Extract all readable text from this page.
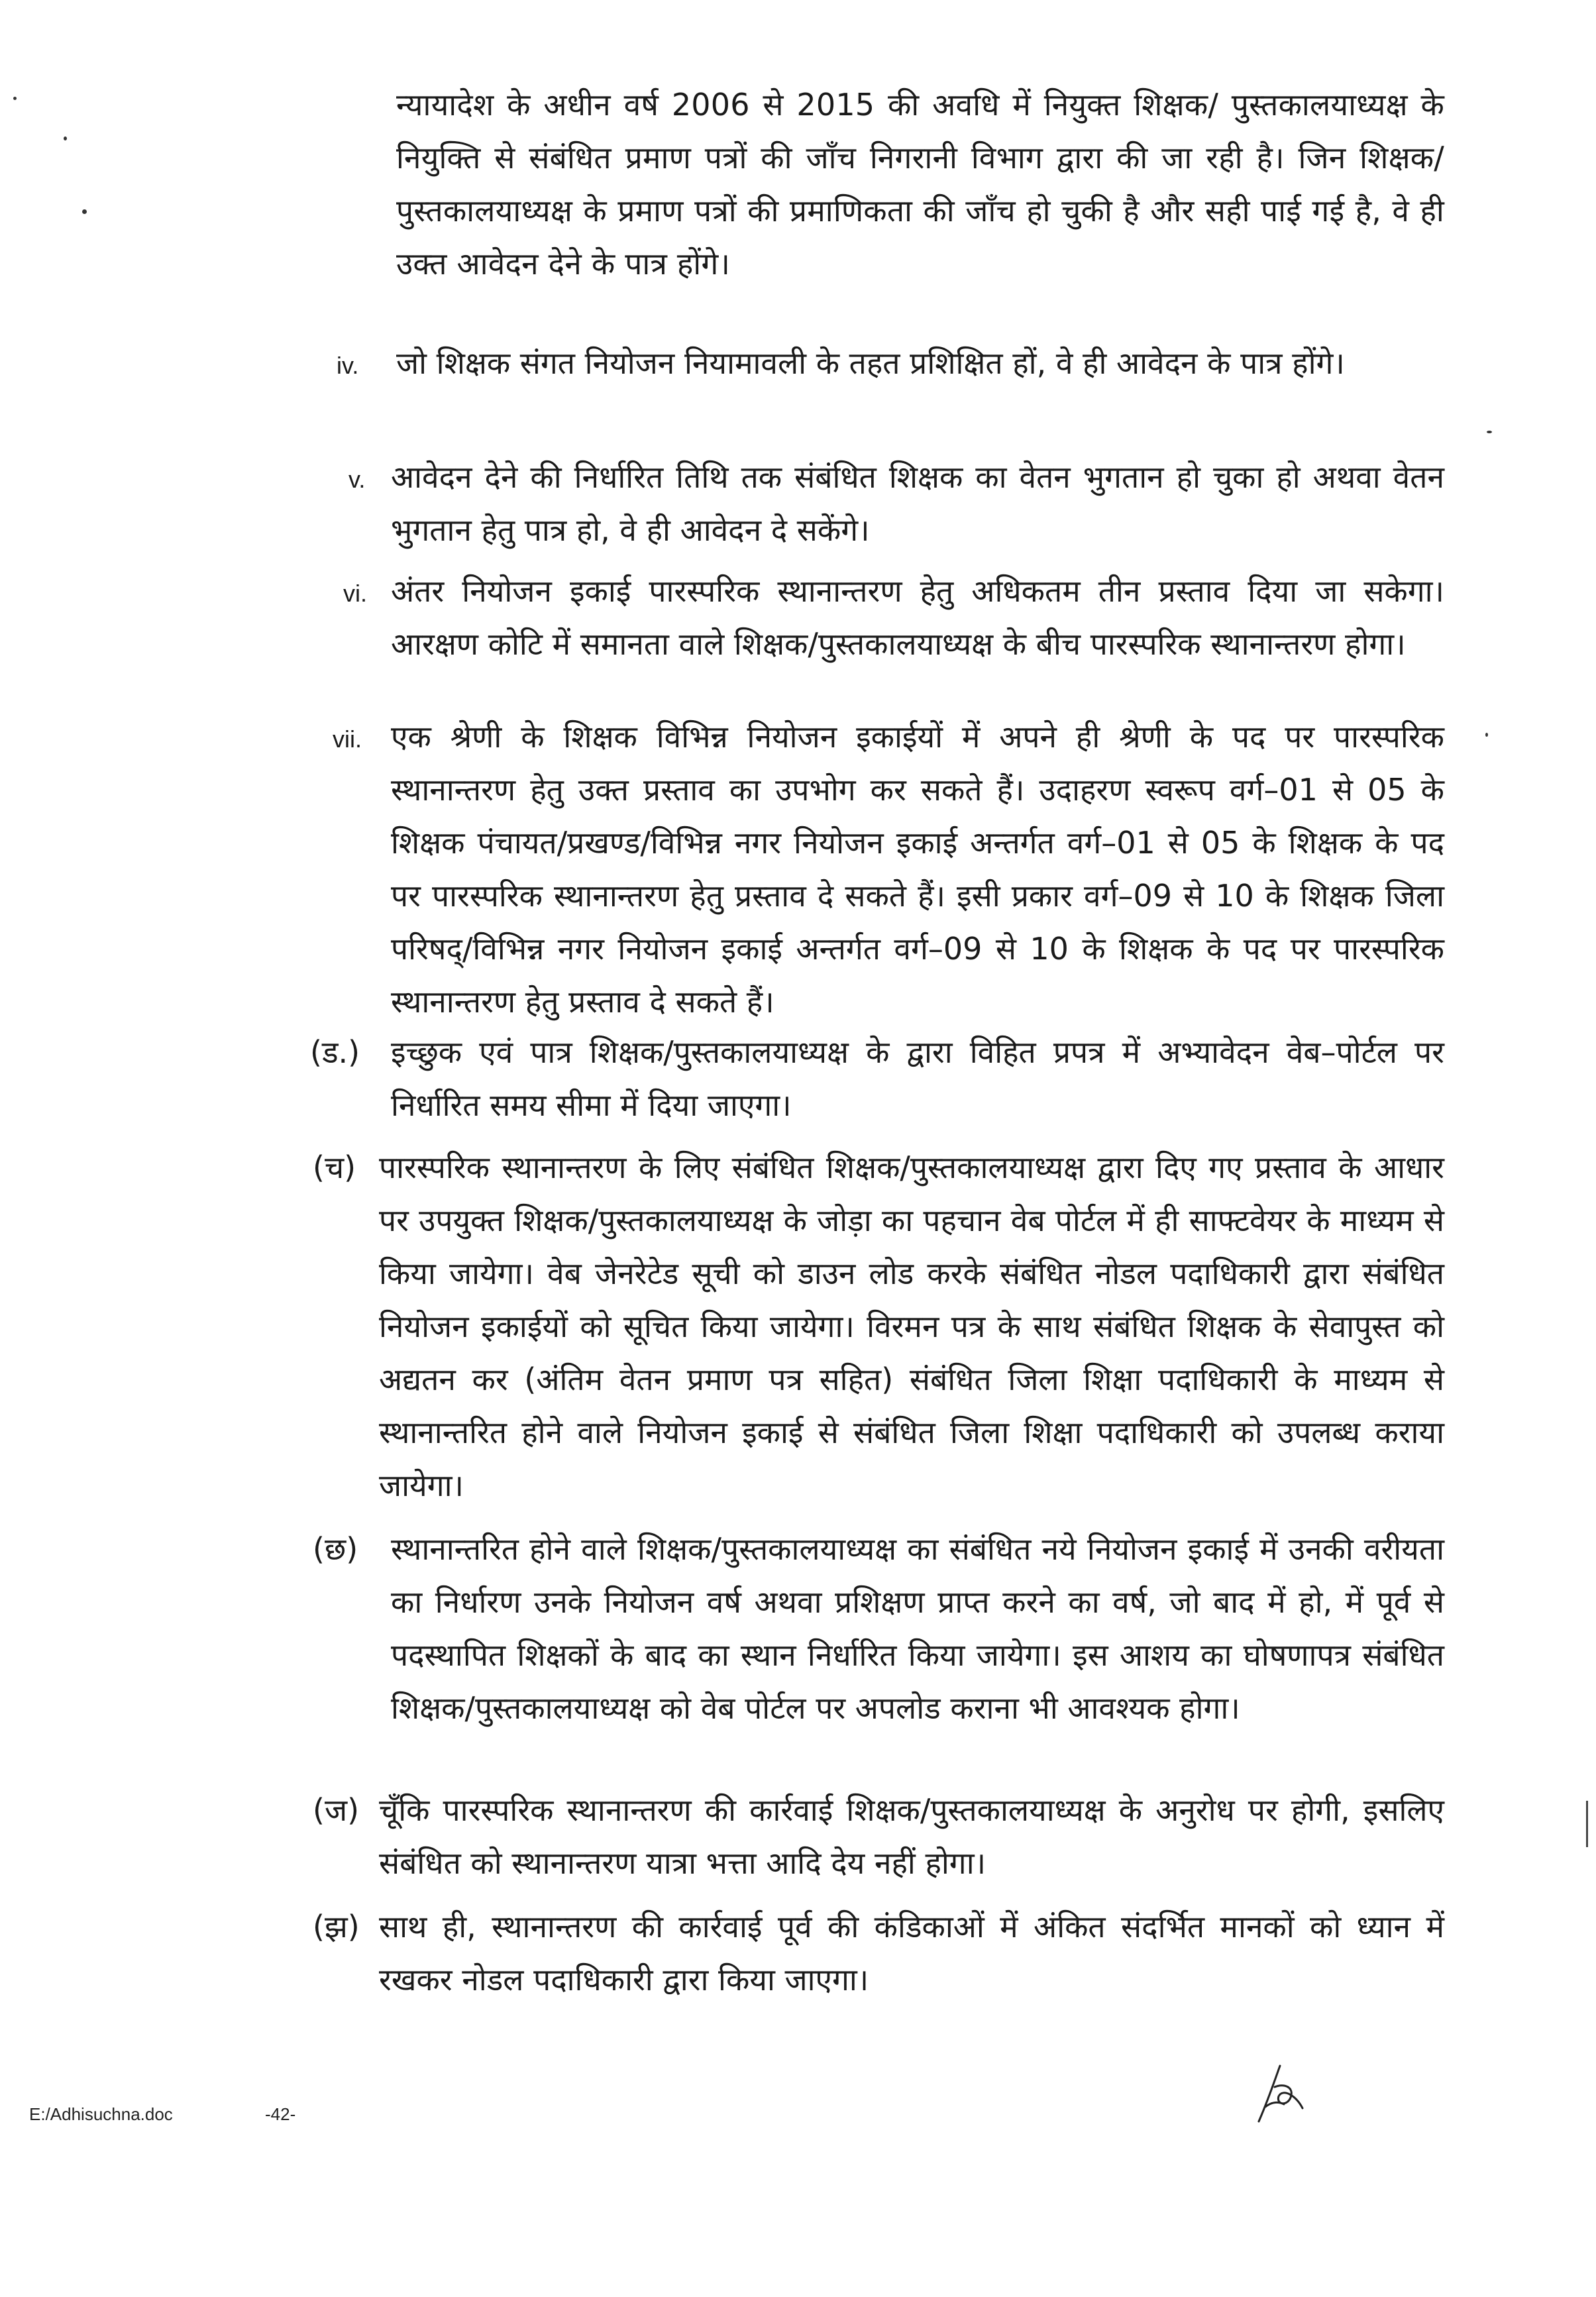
न्यायादेश के अधीन वर्ष 2006 से 2015 की अवधि में नियुक्त शिक्षक/ पुस्तकालयाध्यक्ष के नियुक्ति से संबंधित प्रमाण पत्रों की जाँच निगरानी विभाग द्वारा की जा रही है। जिन शिक्षक/पुस्तकालयाध्यक्ष के प्रमाण पत्रों की प्रमाणिकता की जाँच हो चुकी है और सही पाई गई है, वे ही उक्त आवेदन देने के पात्र होंगे।
iv. जो शिक्षक संगत नियोजन नियामावली के तहत प्रशिक्षित हों, वे ही आवेदन के पात्र होंगे।
v. आवेदन देने की निर्धारित तिथि तक संबंधित शिक्षक का वेतन भुगतान हो चुका हो अथवा वेतन भुगतान हेतु पात्र हो, वे ही आवेदन दे सकेंगे।
vi. अंतर नियोजन इकाई पारस्परिक स्थानान्तरण हेतु अधिकतम तीन प्रस्ताव दिया जा सकेगा। आरक्षण कोटि में समानता वाले शिक्षक/पुस्तकालयाध्यक्ष के बीच पारस्परिक स्थानान्तरण होगा।
vii. एक श्रेणी के शिक्षक विभिन्न नियोजन इकाईयों में अपने ही श्रेणी के पद पर पारस्परिक स्थानान्तरण हेतु उक्त प्रस्ताव का उपभोग कर सकते हैं। उदाहरण स्वरूप वर्ग–01 से 05 के शिक्षक पंचायत/प्रखण्ड/विभिन्न नगर नियोजन इकाई अन्तर्गत वर्ग–01 से 05 के शिक्षक के पद पर पारस्परिक स्थानान्तरण हेतु प्रस्ताव दे सकते हैं। इसी प्रकार वर्ग–09 से 10 के शिक्षक जिला परिषद्/विभिन्न नगर नियोजन इकाई अन्तर्गत वर्ग–09 से 10 के शिक्षक के पद पर पारस्परिक स्थानान्तरण हेतु प्रस्ताव दे सकते हैं।
(ड.) इच्छुक एवं पात्र शिक्षक/पुस्तकालयाध्यक्ष के द्वारा विहित प्रपत्र में अभ्यावेदन वेब–पोर्टल पर निर्धारित समय सीमा में दिया जाएगा।
(च) पारस्परिक स्थानान्तरण के लिए संबंधित शिक्षक/पुस्तकालयाध्यक्ष द्वारा दिए गए प्रस्ताव के आधार पर उपयुक्त शिक्षक/पुस्तकालयाध्यक्ष के जोड़ा का पहचान वेब पोर्टल में ही साफ्टवेयर के माध्यम से किया जायेगा। वेब जेनरेटेड सूची को डाउन लोड करके संबंधित नोडल पदाधिकारी द्वारा संबंधित नियोजन इकाईयों को सूचित किया जायेगा। विरमन पत्र के साथ संबंधित शिक्षक के सेवापुस्त को अद्यतन कर (अंतिम वेतन प्रमाण पत्र सहित) संबंधित जिला शिक्षा पदाधिकारी के माध्यम से स्थानान्तरित होने वाले नियोजन इकाई से संबंधित जिला शिक्षा पदाधिकारी को उपलब्ध कराया जायेगा।
(छ) स्थानान्तरित होने वाले शिक्षक/पुस्तकालयाध्यक्ष का संबंधित नये नियोजन इकाई में उनकी वरीयता का निर्धारण उनके नियोजन वर्ष अथवा प्रशिक्षण प्राप्त करने का वर्ष, जो बाद में हो, में पूर्व से पदस्थापित शिक्षकों के बाद का स्थान निर्धारित किया जायेगा। इस आशय का घोषणापत्र संबंधित शिक्षक/पुस्तकालयाध्यक्ष को वेब पोर्टल पर अपलोड कराना भी आवश्यक होगा।
(ज) चूँकि पारस्परिक स्थानान्तरण की कार्रवाई शिक्षक/पुस्तकालयाध्यक्ष के अनुरोध पर होगी, इसलिए संबंधित को स्थानान्तरण यात्रा भत्ता आदि देय नहीं होगा।
(झ) साथ ही, स्थानान्तरण की कार्रवाई पूर्व की कंडिकाओं में अंकित संदर्भित मानकों को ध्यान में रखकर नोडल पदाधिकारी द्वारा किया जाएगा।
E:/Adhisuchna.doc	-42-
